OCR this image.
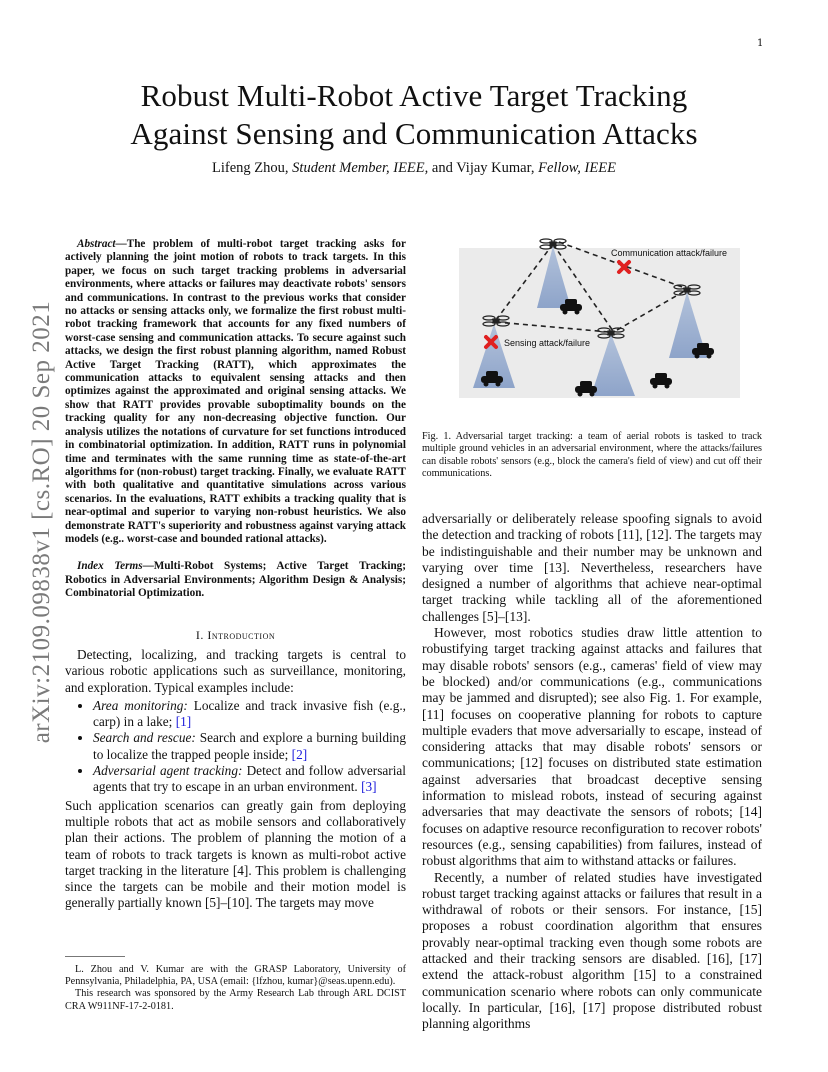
1
Robust Multi-Robot Active Target Tracking
Against Sensing and Communication Attacks
Lifeng Zhou, Student Member, IEEE, and Vijay Kumar, Fellow, IEEE
arXiv:2109.09838v1 [cs.RO] 20 Sep 2021

Abstract—The problem of multi-robot target tracking asks for actively planning the joint motion of robots to track targets. In this paper, we focus on such target tracking problems in adversarial environments, where attacks or failures may deactivate robots' sensors and communications. In contrast to the previous works that consider no attacks or sensing attacks only, we formalize the first robust multi-robot tracking framework that accounts for any fixed numbers of worst-case sensing and communication attacks. To secure against such attacks, we design the first robust planning algorithm, named Robust Active Target Tracking (RATT), which approximates the communication attacks to equivalent sensing attacks and then optimizes against the approximated and original sensing attacks. We show that RATT provides provable suboptimality bounds on the tracking quality for any non-decreasing objective function. Our analysis utilizes the notations of curvature for set functions introduced in combinatorial optimization. In addition, RATT runs in polynomial time and terminates with the same running time as state-of-the-art algorithms for (non-robust) target tracking. Finally, we evaluate RATT with both qualitative and quantitative simulations across various scenarios. In the evaluations, RATT exhibits a tracking quality that is near-optimal and superior to varying non-robust heuristics. We also demonstrate RATT's superiority and robustness against varying attack models (e.g.. worst-case and bounded rational attacks).

Index Terms—Multi-Robot Systems; Active Target Tracking; Robotics in Adversarial Environments; Algorithm Design & Analysis; Combinatorial Optimization.

I. Introduction

Detecting, localizing, and tracking targets is central to various robotic applications such as surveillance, monitoring, and exploration. Typical examples include:

• Area monitoring: Localize and track invasive fish (e.g., carp) in a lake; [1]
• Search and rescue: Search and explore a burning building to localize the trapped people inside; [2]
• Adversarial agent tracking: Detect and follow adversarial agents that try to escape in an urban environment. [3]

Such application scenarios can greatly gain from deploying multiple robots that act as mobile sensors and collaboratively plan their actions. The problem of planning the motion of a team of robots to track targets is known as multi-robot active target tracking in the literature [4]. This problem is challenging since the targets can be mobile and their motion model is generally partially known [5]–[10]. The targets may move

L. Zhou and V. Kumar are with the GRASP Laboratory, University of Pennsylvania, Philadelphia, PA, USA (email: {lfzhou, kumar}@seas.upenn.edu).

This research was sponsored by the Army Research Lab through ARL DCIST CRA W911NF-17-2-0181.

Communication attack/failure
Sensing attack/failure
Fig. 1. Adversarial target tracking: a team of aerial robots is tasked to track multiple ground vehicles in an adversarial environment, where the attacks/failures can disable robots' sensors (e.g., block the camera's field of view) and cut off their communications.

adversarially or deliberately release spoofing signals to avoid the detection and tracking of robots [11], [12]. The targets may be indistinguishable and their number may be unknown and varying over time [13]. Nevertheless, researchers have designed a number of algorithms that achieve near-optimal target tracking while tackling all of the aforementioned challenges [5]–[13].

However, most robotics studies draw little attention to robustifying target tracking against attacks and failures that may disable robots' sensors (e.g., cameras' field of view may be blocked) and/or communications (e.g., communications may be jammed and disrupted); see also Fig. 1. For example, [11] focuses on cooperative planning for robots to capture multiple evaders that move adversarially to escape, instead of considering attacks that may disable robots' sensors or communications; [12] focuses on distributed state estimation against adversaries that broadcast deceptive sensing information to mislead robots, instead of securing against adversaries that may deactivate the sensors of robots; [14] focuses on adaptive resource reconfiguration to recover robots' resources (e.g., sensing capabilities) from failures, instead of robust algorithms that aim to withstand attacks or failures.

Recently, a number of related studies have investigated robust target tracking against attacks or failures that result in a withdrawal of robots or their sensors. For instance, [15] proposes a robust coordination algorithm that ensures provably near-optimal tracking even though some robots are attacked and their tracking sensors are disabled. [16], [17] extend the attack-robust algorithm [15] to a constrained communication scenario where robots can only communicate locally. In particular, [16], [17] propose distributed robust planning algorithms
